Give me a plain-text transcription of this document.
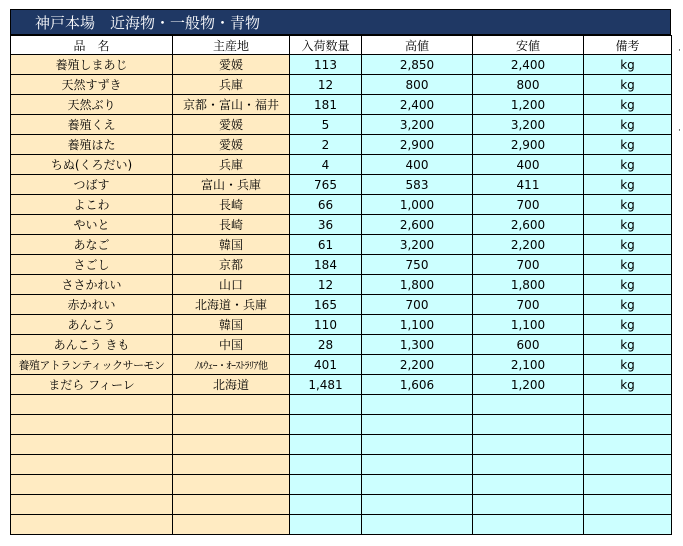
神戸本場　近海物・一般物・青物
品　名	主産地	入荷数量	高値	安値	備考
養殖しまあじ	愛媛	113	2,850	2,400	kg
天然すずき	兵庫	12	800	800	kg
天然ぶり	京都・富山・福井	181	2,400	1,200	kg
養殖くえ	愛媛	5	3,200	3,200	kg
養殖はた	愛媛	2	2,900	2,900	kg
ちぬ(くろだい)	兵庫	4	400	400	kg
つばす	富山・兵庫	765	583	411	kg
よこわ	長崎	66	1,000	700	kg
やいと	長崎	36	2,600	2,600	kg
あなご	韓国	61	3,200	2,200	kg
さごし	京都	184	750	700	kg
ささかれい	山口	12	1,800	1,800	kg
赤かれい	北海道・兵庫	165	700	700	kg
あんこう	韓国	110	1,100	1,100	kg
あんこう きも	中国	28	1,300	600	kg
養殖アトランティックサーモン	ﾉﾙｳｪｰ・ｵｰｽﾄﾗﾘｱ他	401	2,200	2,100	kg
まだら フィーレ	北海道	1,481	1,606	1,200	kg

·
·
